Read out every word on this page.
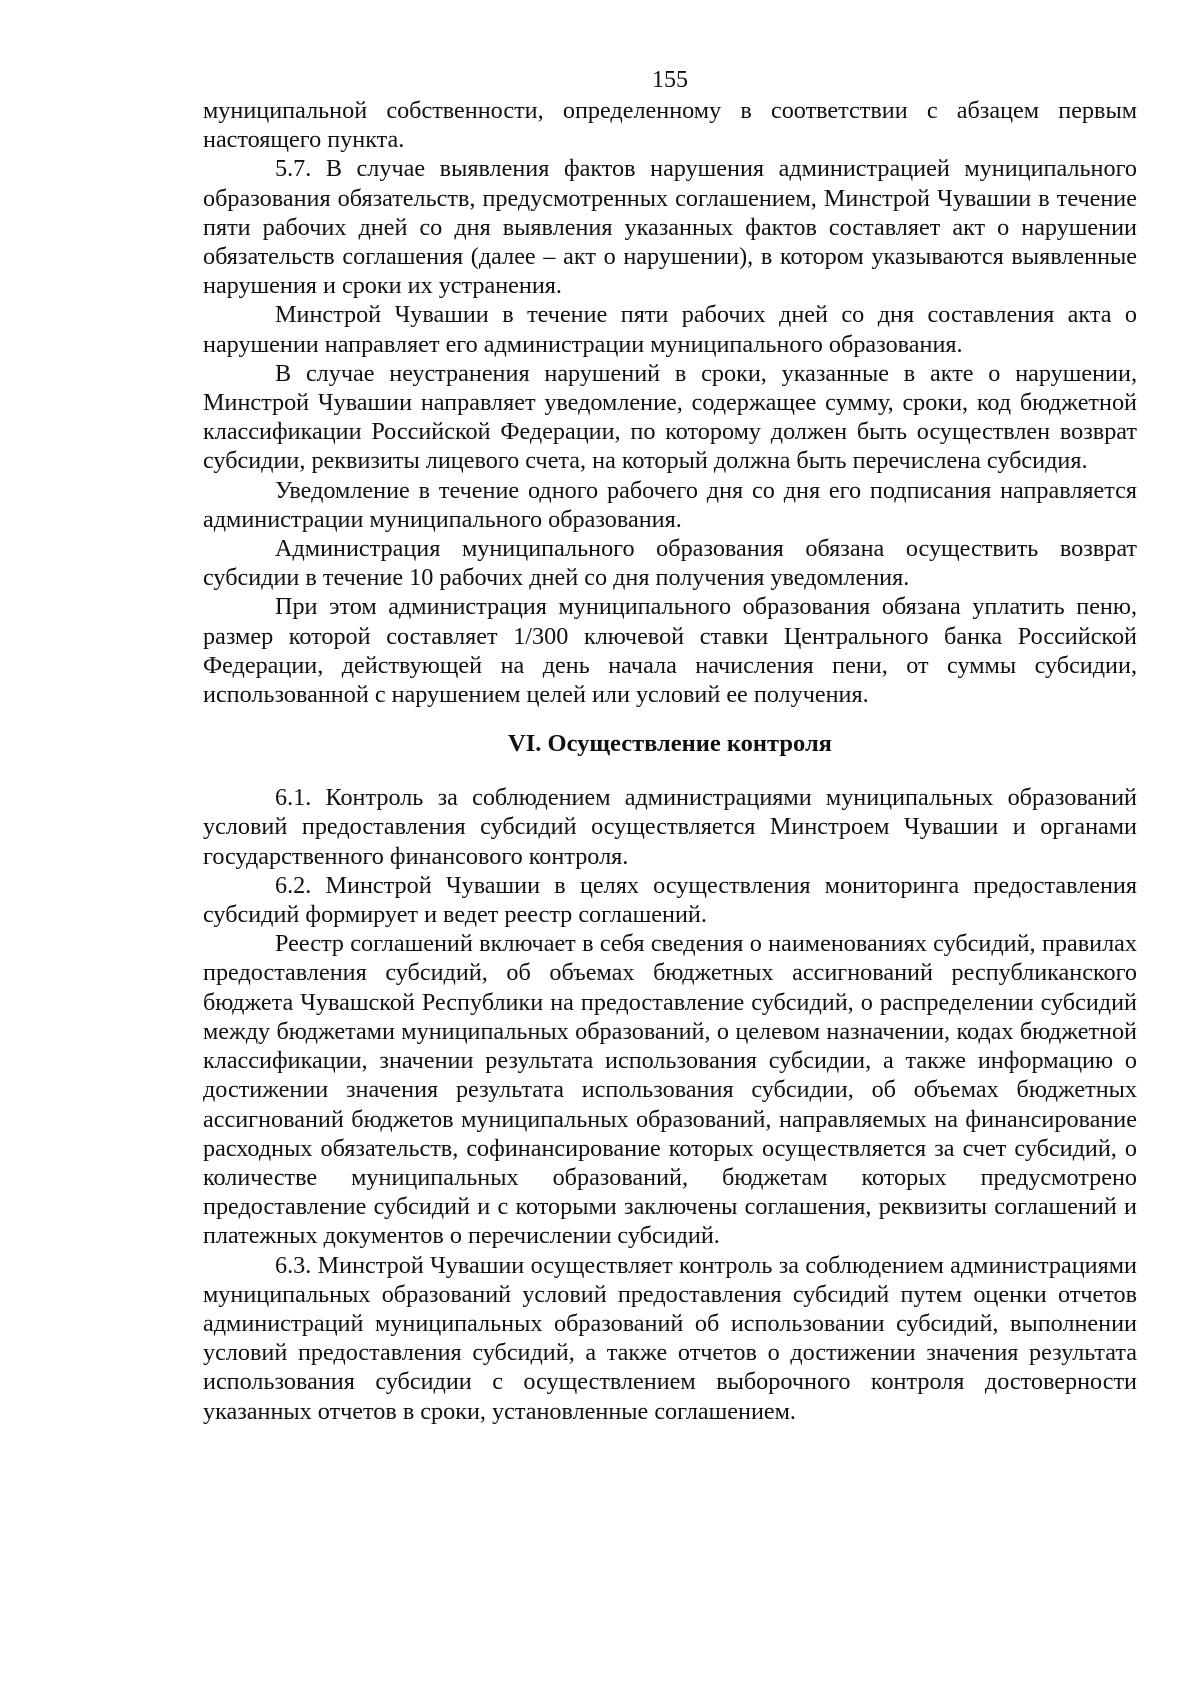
155

муниципальной собственности, определенному в соответствии с абзацем первым настоящего пункта.

5.7. В случае выявления фактов нарушения администрацией муниципального образования обязательств, предусмотренных соглашением, Минстрой Чувашии в течение пяти рабочих дней со дня выявления указанных фактов составляет акт о нарушении обязательств соглашения (далее – акт о нарушении), в котором указываются выявленные нарушения и сроки их устранения.

Минстрой Чувашии в течение пяти рабочих дней со дня составления акта о нарушении направляет его администрации муниципального образования.

В случае неустранения нарушений в сроки, указанные в акте о нарушении, Минстрой Чувашии направляет уведомление, содержащее сумму, сроки, код бюджетной классификации Российской Федерации, по которому должен быть осуществлен возврат субсидии, реквизиты лицевого счета, на который должна быть перечислена субсидия.

Уведомление в течение одного рабочего дня со дня его подписания направляется администрации муниципального образования.

Администрация муниципального образования обязана осуществить возврат субсидии в течение 10 рабочих дней со дня получения уведомления.

При этом администрация муниципального образования обязана уплатить пеню, размер которой составляет 1/300 ключевой ставки Центрального банка Российской Федерации, действующей на день начала начисления пени, от суммы субсидии, использованной с нарушением целей или условий ее получения.

VI. Осуществление контроля

6.1. Контроль за соблюдением администрациями муниципальных образований условий предоставления субсидий осуществляется Минстроем Чувашии и органами государственного финансового контроля.

6.2. Минстрой Чувашии в целях осуществления мониторинга предоставления субсидий формирует и ведет реестр соглашений.

Реестр соглашений включает в себя сведения о наименованиях субсидий, правилах предоставления субсидий, об объемах бюджетных ассигнований республиканского бюджета Чувашской Республики на предоставление субсидий, о распределении субсидий между бюджетами муниципальных образований, о целевом назначении, кодах бюджетной классификации, значении результата использования субсидии, а также информацию о достижении значения результата использования субсидии, об объемах бюджетных ассигнований бюджетов муниципальных образований, направляемых на финансирование расходных обязательств, софинансирование которых осуществляется за счет субсидий, о количестве муниципальных образований, бюджетам которых предусмотрено предоставление субсидий и с которыми заключены соглашения, реквизиты соглашений и платежных документов о перечислении субсидий.

6.3. Минстрой Чувашии осуществляет контроль за соблюдением администрациями муниципальных образований условий предоставления субсидий путем оценки отчетов администраций муниципальных образований об использовании субсидий, выполнении условий предоставления субсидий, а также отчетов о достижении значения результата использования субсидии с осуществлением выборочного контроля достоверности указанных отчетов в сроки, установленные соглашением.
